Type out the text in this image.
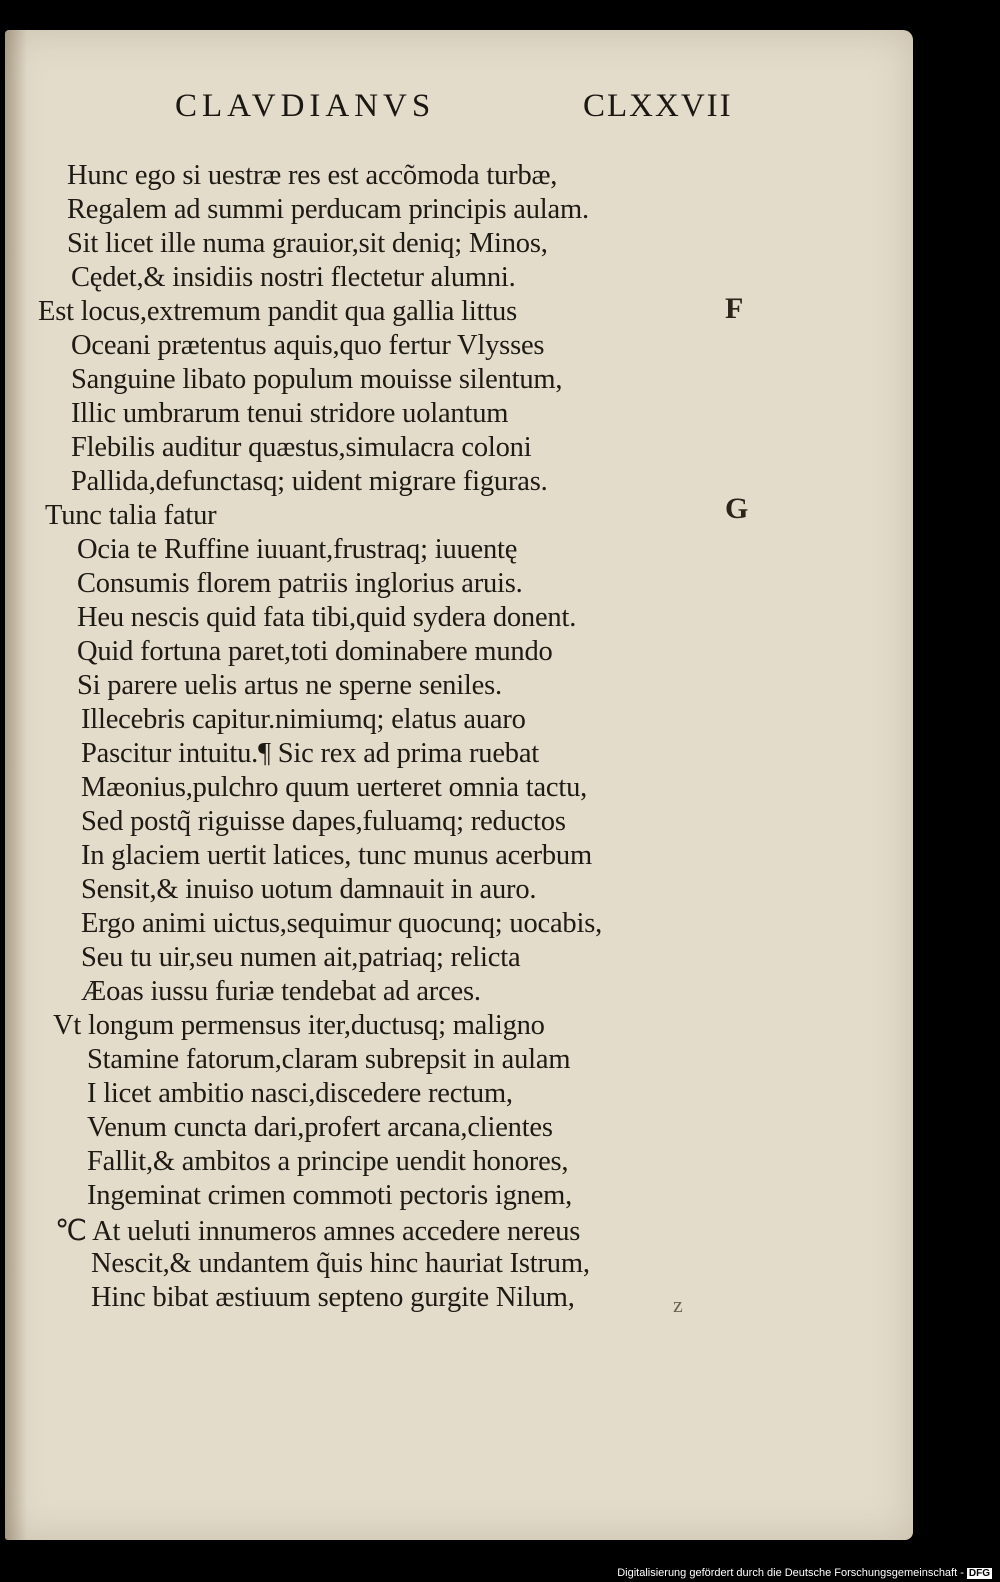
CLAVDIANVS	CLXXVII
Hunc ego si uestræ res est accõmoda turbæ,
Regalem ad summi perducam principis aulam.
Sit licet ille numa grauior,sit deniq; Minos,
Cędet,& insidiis nostri flectetur alumni.
Est locus,extremum pandit qua gallia littus
Oceani prætentus aquis,quo fertur Vlysses
Sanguine libato populum mouisse silentum,
Illic umbrarum tenui stridore uolantum
Flebilis auditur quæstus,simulacra coloni
Pallida,defunctasq; uident migrare figuras.
Tunc talia fatur
Ocia te Ruffine iuuant,frustraq; iuuentę
Consumis florem patriis inglorius aruis.
Heu nescis quid fata tibi,quid sydera donent.
Quid fortuna paret,toti dominabere mundo
Si parere uelis artus ne sperne seniles.
Illecebris capitur.nimiumq; elatus auaro
Pascitur intuitu.¶ Sic rex ad prima ruebat
Mæonius,pulchro quum uerteret omnia tactu,
Sed postq̃ riguisse dapes,fuluamq; reductos
In glaciem uertit latices, tunc munus acerbum
Sensit,& inuiso uotum damnauit in auro.
Ergo animi uictus,sequimur quocunq; uocabis,
Seu tu uir,seu numen ait,patriaq; relicta
Æoas iussu furiæ tendebat ad arces.
Vt longum permensus iter,ductusq; maligno
Stamine fatorum,claram subrepsit in aulam
I licet ambitio nasci,discedere rectum,
Venum cuncta dari,profert arcana,clientes
Fallit,& ambitos a principe uendit honores,
Ingeminat crimen commoti pectoris ignem,
℃ At ueluti innumeros amnes accedere nereus
Nescit,& undantem q̃uis hinc hauriat Istrum,
Hinc bibat æstiuum septeno gurgite Nilum,
F
G
z
Digitalisierung gefördert durch die Deutsche Forschungsgemeinschaft - DFG
